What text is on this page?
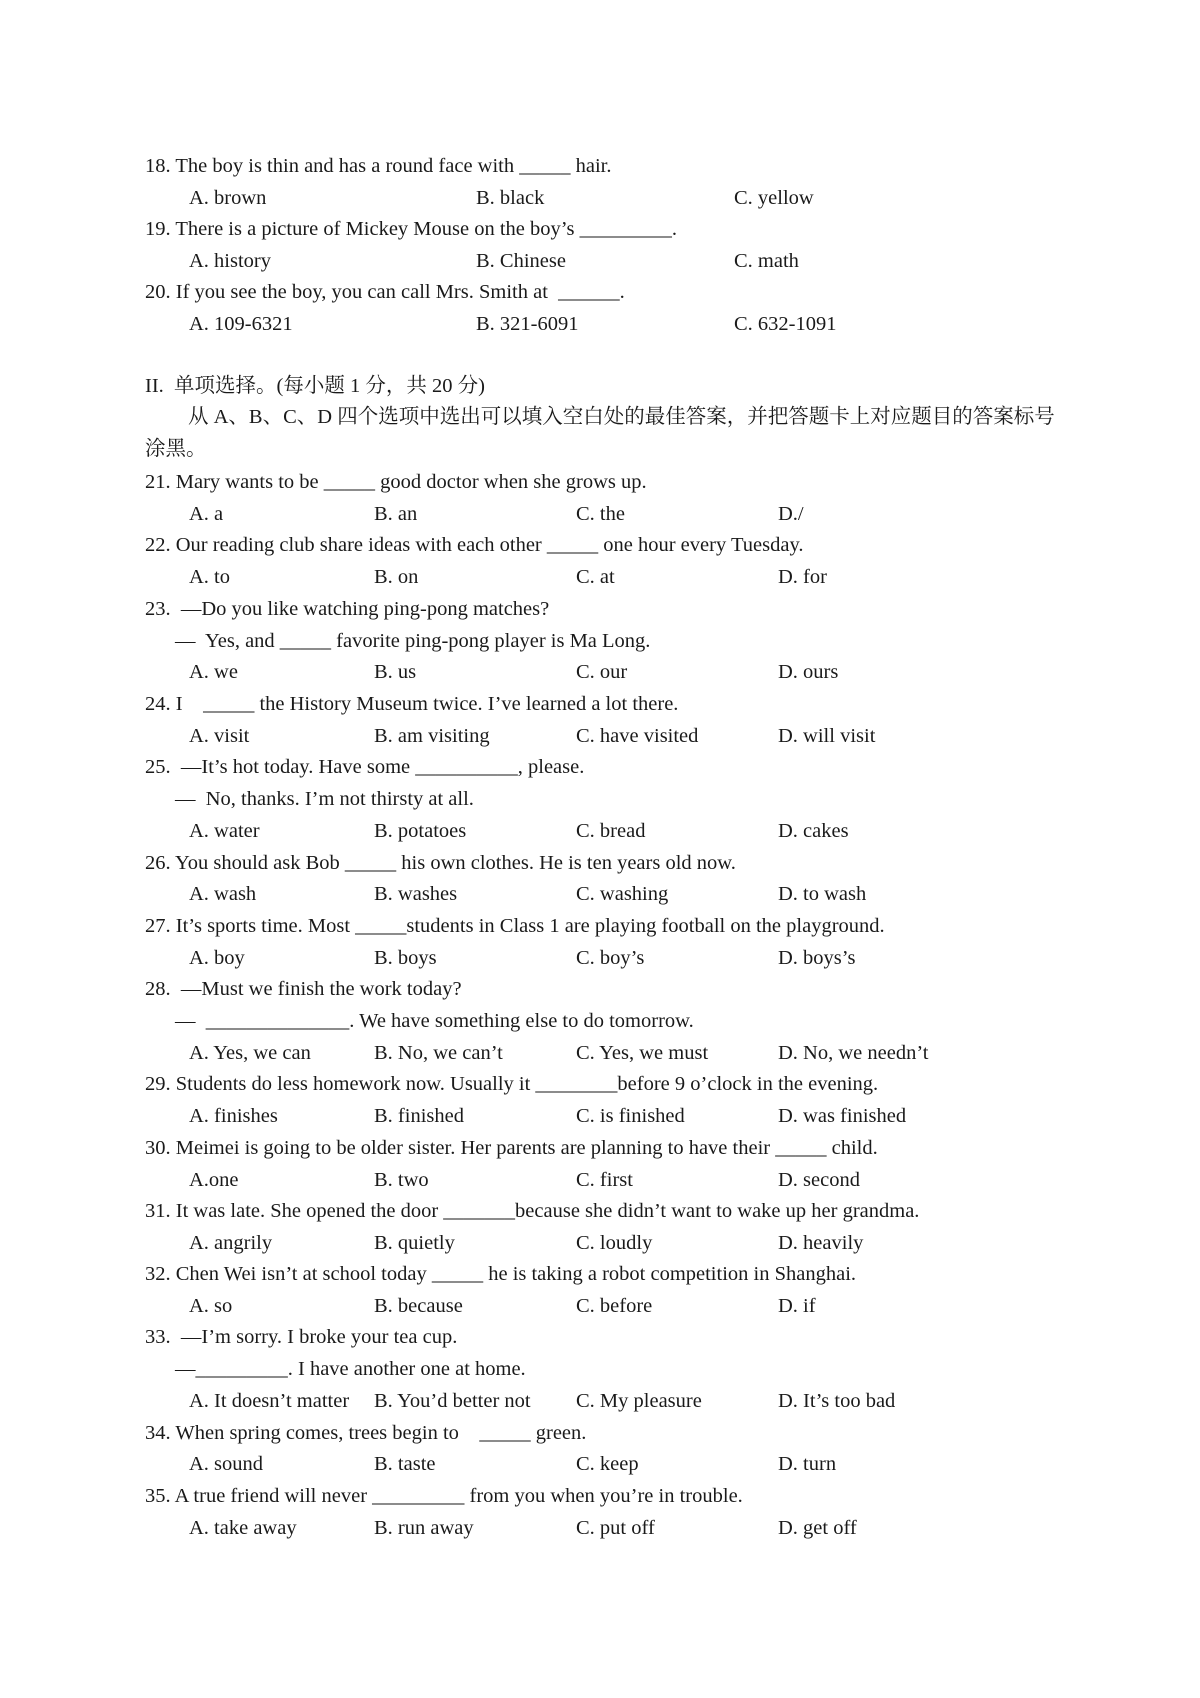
18. The boy is thin and has a round face with _____ hair.
A. brown	B. black	C. yellow
19. There is a picture of Mickey Mouse on the boy’s _________.
A. history	B. Chinese	C. math
20. If you see the boy, you can call Mrs. Smith at  ______.
A. 109-6321	B. 321-6091	C. 632-1091
II.  单项选择。(每小题 1 分，共 20 分)
从 A、B、C、D 四个选项中选出可以填入空白处的最佳答案，并把答题卡上对应题目的答案标号涂黑。
21. Mary wants to be _____ good doctor when she grows up.
A. a	B. an	C. the	D./
22. Our reading club share ideas with each other _____ one hour every Tuesday.
A. to	B. on	C. at	D. for
23.  —Do you like watching ping-pong matches?
—  Yes, and _____ favorite ping-pong player is Ma Long.
A. we	B. us	C. our	D. ours
24. I    _____ the History Museum twice. I’ve learned a lot there.
A. visit	B. am visiting	C. have visited	D. will visit
25.  —It’s hot today. Have some __________, please.
—  No, thanks. I’m not thirsty at all.
A. water	B. potatoes	C. bread	D. cakes
26. You should ask Bob _____ his own clothes. He is ten years old now.
A. wash	B. washes	C. washing	D. to wash
27. It’s sports time. Most _____students in Class 1 are playing football on the playground.
A. boy	B. boys	C. boy’s	D. boys’s
28.  —Must we finish the work today?
—  ______________. We have something else to do tomorrow.
A. Yes, we can	B. No, we can’t	C. Yes, we must	D. No, we needn’t
29. Students do less homework now. Usually it ________before 9 o’clock in the evening.
A. finishes	B. finished	C. is finished	D. was finished
30. Meimei is going to be older sister. Her parents are planning to have their _____ child.
A.one	B. two	C. first	D. second
31. It was late. She opened the door _______because she didn’t want to wake up her grandma.
A. angrily	B. quietly	C. loudly	D. heavily
32. Chen Wei isn’t at school today _____ he is taking a robot competition in Shanghai.
A. so	B. because	C. before	D. if
33.  —I’m sorry. I broke your tea cup.
—_________. I have another one at home.
A. It doesn’t matter B. You’d better not C. My pleasure	D. It’s too bad
34. When spring comes, trees begin to    _____ green.
A. sound	B. taste	C. keep	D. turn
35. A true friend will never _________ from you when you’re in trouble.
A. take away	B. run away	C. put off	D. get off
